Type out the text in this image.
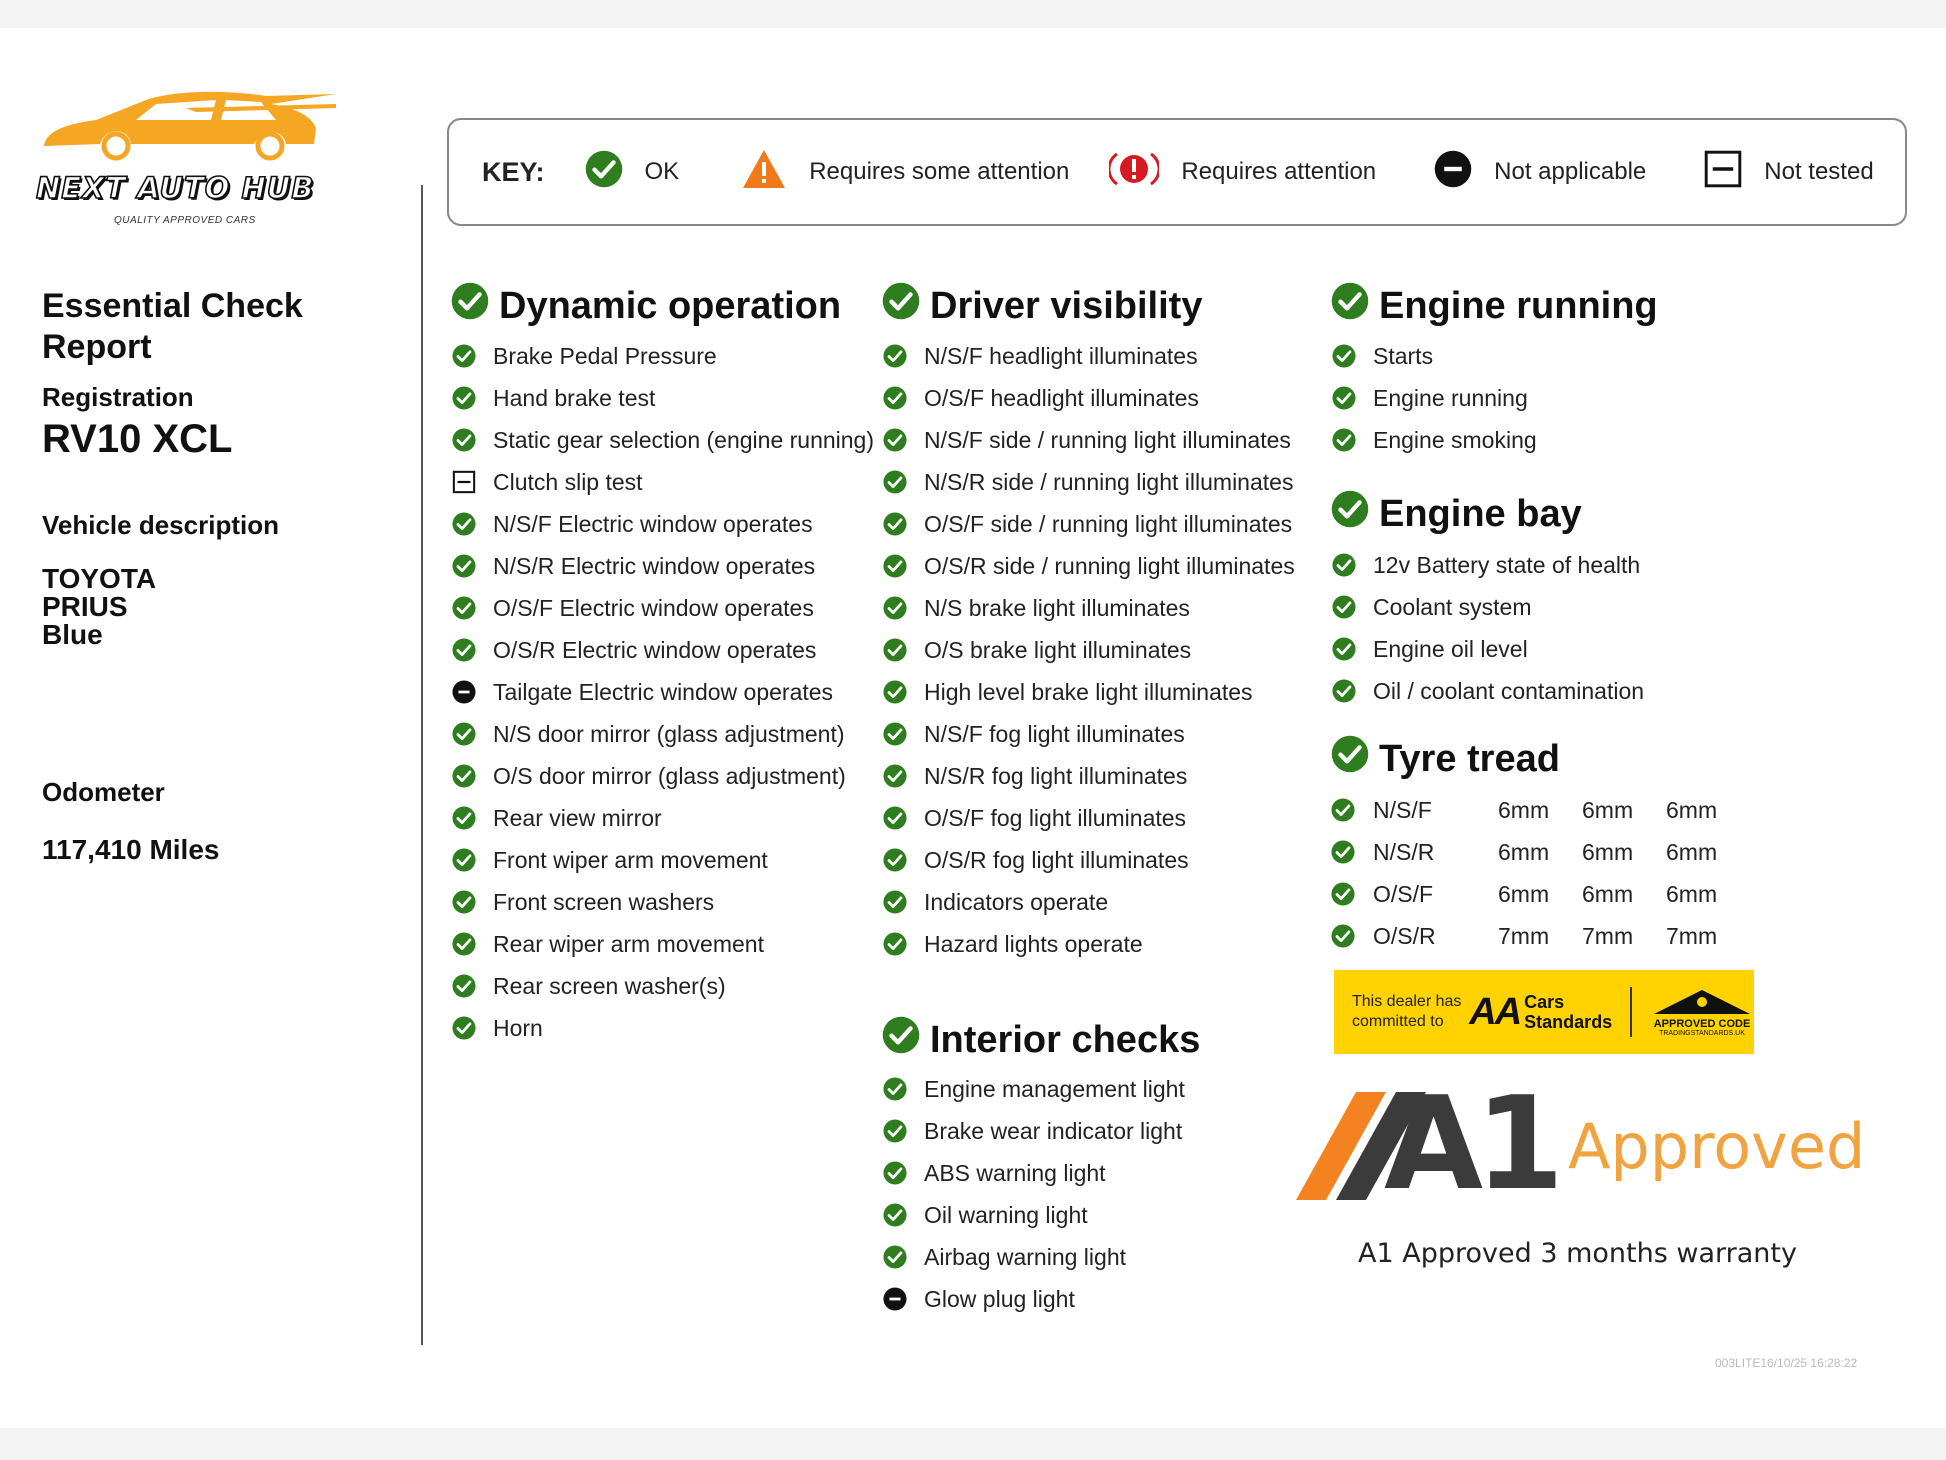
NEXT AUTO HUB
QUALITY APPROVED CARS
Essential Check Report
Registration
RV10 XCL
Vehicle description
TOYOTA
PRIUS
Blue
Odometer
117,410 Miles
KEY:	OK	Requires some attention	Requires attention	Not applicable	Not tested
Dynamic operation
Brake Pedal Pressure
Hand brake test
Static gear selection (engine running)
Clutch slip test
N/S/F Electric window operates
N/S/R Electric window operates
O/S/F Electric window operates
O/S/R Electric window operates
Tailgate Electric window operates
N/S door mirror (glass adjustment)
O/S door mirror (glass adjustment)
Rear view mirror
Front wiper arm movement
Front screen washers
Rear wiper arm movement
Rear screen washer(s)
Horn
Driver visibility
N/S/F headlight illuminates
O/S/F headlight illuminates
N/S/F side / running light illuminates
N/S/R side / running light illuminates
O/S/F side / running light illuminates
O/S/R side / running light illuminates
N/S brake light illuminates
O/S brake light illuminates
High level brake light illuminates
N/S/F fog light illuminates
N/S/R fog light illuminates
O/S/F fog light illuminates
O/S/R fog light illuminates
Indicators operate
Hazard lights operate
Interior checks
Engine management light
Brake wear indicator light
ABS warning light
Oil warning light
Airbag warning light
Glow plug light
Engine running
Starts
Engine running
Engine smoking
Engine bay
12v Battery state of health
Coolant system
Engine oil level
Oil / coolant contamination
Tyre tread
N/S/F	6mm	6mm	6mm
N/S/R	6mm	6mm	6mm
O/S/F	6mm	6mm	6mm
O/S/R	7mm	7mm	7mm
This dealer has committed to AA Cars
Standards	APPROVED CODE
TRADINGSTANDARDS.UK
A1 Approved
A1 Approved 3 months warranty
003LITE16/10/25 16:28:22
